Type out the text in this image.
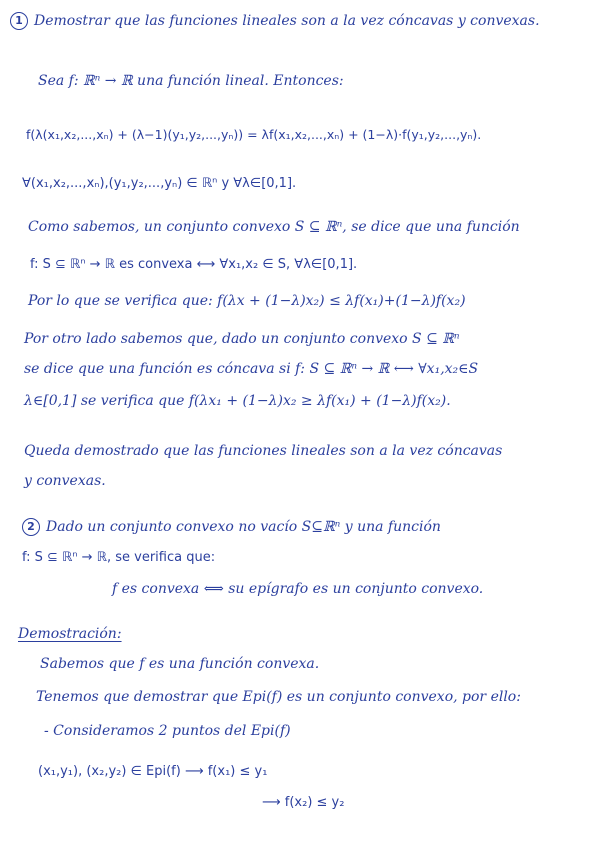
1 Demostrar que las funciones lineales son a la vez cóncavas y convexas.
Sea f: ℝⁿ → ℝ una función lineal. Entonces:
f(λ(x₁,x₂,...,xₙ) + (λ−1)(y₁,y₂,...,yₙ)) = λf(x₁,x₂,...,xₙ) + (1−λ)·f(y₁,y₂,...,yₙ).
∀(x₁,x₂,...,xₙ),(y₁,y₂,...,yₙ) ∈ ℝⁿ y ∀λ∈[0,1].
Como sabemos, un conjunto convexo S ⊆ ℝⁿ, se dice que una función
f: S ⊆ ℝⁿ → ℝ es convexa ⟷ ∀x₁,x₂ ∈ S, ∀λ∈[0,1].
Por lo que se verifica que: f(λx + (1−λ)x₂) ≤ λf(x₁)+(1−λ)f(x₂)
Por otro lado sabemos que, dado un conjunto convexo S ⊆ ℝⁿ
se dice que una función es cóncava si f: S ⊆ ℝⁿ → ℝ ⟷ ∀x₁,x₂∈S
λ∈[0,1] se verifica que f(λx₁ + (1−λ)x₂ ≥ λf(x₁) + (1−λ)f(x₂).
Queda demostrado que las funciones lineales son a la vez cóncavas
y convexas.
2 Dado un conjunto convexo no vacío S⊆ℝⁿ y una función
f: S ⊆ ℝⁿ → ℝ, se verifica que:
f es convexa ⟺ su epígrafo es un conjunto convexo.
Demostración:
Sabemos que f es una función convexa.
Tenemos que demostrar que Epi(f) es un conjunto convexo, por ello:
- Consideramos 2 puntos del Epi(f)
(x₁,y₁), (x₂,y₂) ∈ Epi(f) ⟶ f(x₁) ≤ y₁
⟶ f(x₂) ≤ y₂
